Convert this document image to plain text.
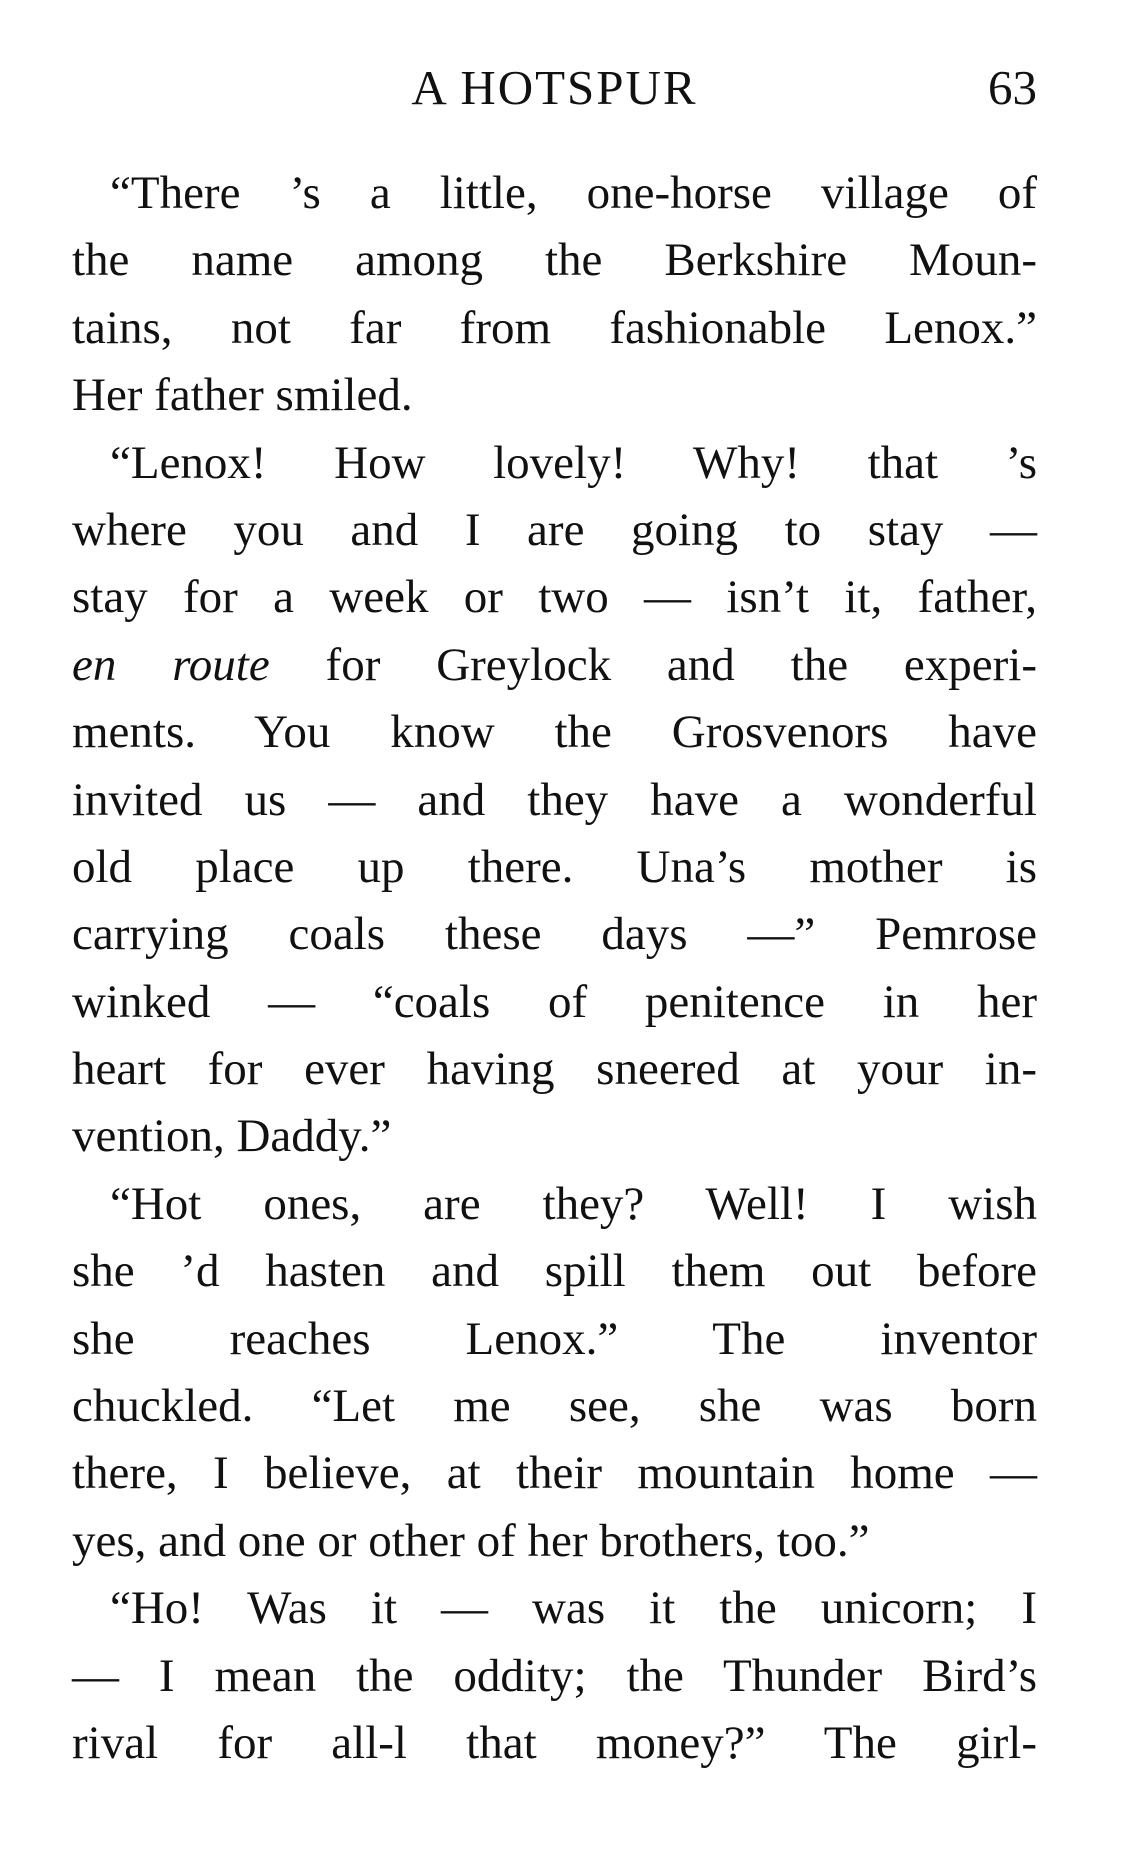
A HOTSPUR	63
“There ’s a little, one-horse village of
the name among the Berkshire Moun-
tains, not far from fashionable Lenox.”
Her father smiled.
“Lenox! How lovely! Why! that ’s
where you and I are going to stay —
stay for a week or two — isn’t it, father,
en route for Greylock and the experi-
ments. You know the Grosvenors have
invited us — and they have a wonderful
old place up there. Una’s mother is
carrying coals these days —” Pemrose
winked — “coals of penitence in her
heart for ever having sneered at your in-
vention, Daddy.”
“Hot ones, are they? Well! I wish
she ’d hasten and spill them out before
she reaches Lenox.” The inventor
chuckled. “Let me see, she was born
there, I believe, at their mountain home —
yes, and one or other of her brothers, too.”
“Ho! Was it — was it the unicorn; I
— I mean the oddity; the Thunder Bird’s
rival for all-l that money?” The girl-
